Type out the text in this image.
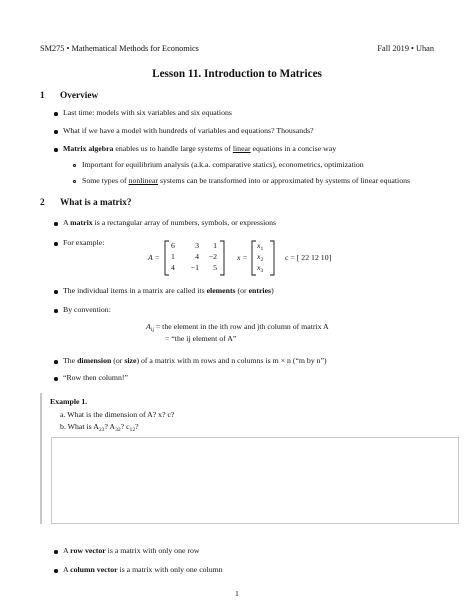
SM275 • Mathematical Methods for Economics	Fall 2019 • Uhan
Lesson 11. Introduction to Matrices
1 Overview
Last time: models with six variables and six equations
What if we have a model with hundreds of variables and equations? Thousands?
Matrix algebra enables us to handle large systems of linear equations in a concise way
Important for equilibrium analysis (a.k.a. comparative statics), econometrics, optimization
Some types of nonlinear systems can be transformed into or approximated by systems of linear equations
2 What is a matrix?
A matrix is a rectangular array of numbers, symbols, or expressions
For example:
A =
6	3	1
1	4	−2
4	−1	5
x =
$x_1$
$x_2$
$x_3$
c = [ 22 12 10]
The individual items in a matrix are called its elements (or entries)
By convention:
$A_{ij}$ = the element in the ith row and jth column of matrix A
= “the ij element of A”
The dimension (or size) of a matrix with m rows and n columns is m × n (“m by n”)
“Row then column!”
Example 1.
a. What is the dimension of A? x? c?
b. What is $A_{23}$? $A_{32}$? $c_{12}$?
A row vector is a matrix with only one row
A column vector is a matrix with only one column
1
